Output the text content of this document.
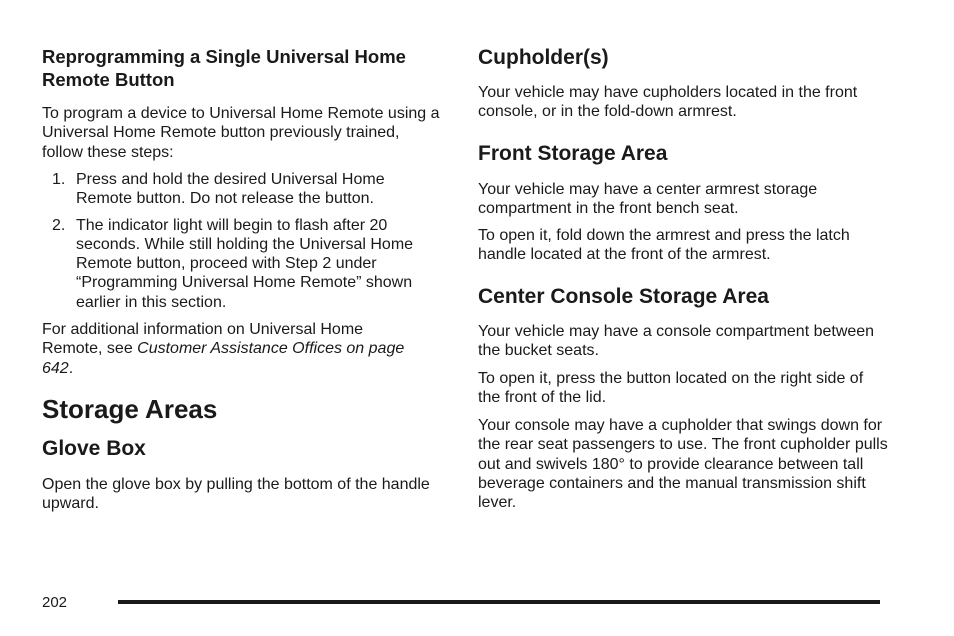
Reprogramming a Single Universal Home Remote Button

To program a device to Universal Home Remote using a Universal Home Remote button previously trained, follow these steps:

1. Press and hold the desired Universal Home Remote button. Do not release the button.
2. The indicator light will begin to flash after 20 seconds. While still holding the Universal Home Remote button, proceed with Step 2 under “Programming Universal Home Remote” shown earlier in this section.

For additional information on Universal Home Remote, see Customer Assistance Offices on page 642.

Storage Areas
Glove Box

Open the glove box by pulling the bottom of the handle upward.

Cupholder(s)

Your vehicle may have cupholders located in the front console, or in the fold-down armrest.

Front Storage Area

Your vehicle may have a center armrest storage compartment in the front bench seat.

To open it, fold down the armrest and press the latch handle located at the front of the armrest.

Center Console Storage Area

Your vehicle may have a console compartment between the bucket seats.

To open it, press the button located on the right side of the front of the lid.

Your console may have a cupholder that swings down for the rear seat passengers to use. The front cupholder pulls out and swivels 180° to provide clearance between tall beverage containers and the manual transmission shift lever.

202
